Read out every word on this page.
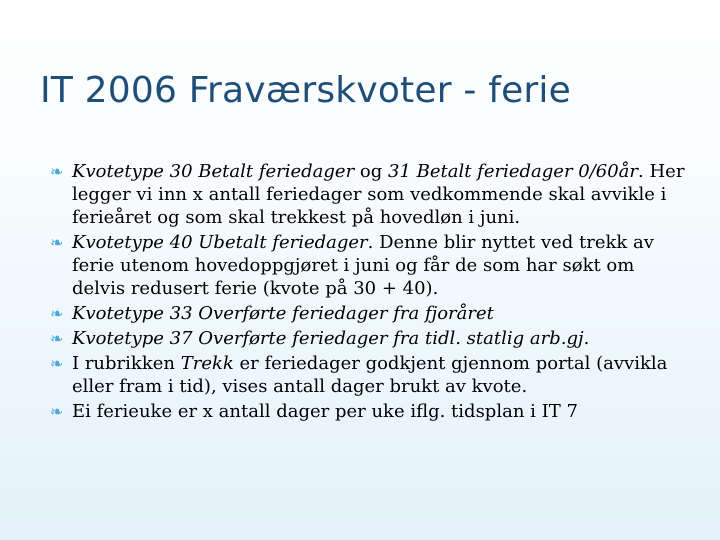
IT 2006 Fraværskvoter - ferie
❧ Kvotetype 30 Betalt feriedager og 31 Betalt feriedager 0/60år. Her legger vi inn x antall feriedager som vedkommende skal avvikle i ferieåret og som skal trekkest på hovedløn i juni.
❧ Kvotetype 40 Ubetalt feriedager. Denne blir nyttet ved trekk av ferie utenom hovedoppgjøret i juni og får de som har søkt om delvis redusert ferie (kvote på 30 + 40).
❧ Kvotetype 33 Overførte feriedager fra fjoråret
❧ Kvotetype 37 Overførte feriedager fra tidl. statlig arb.gj.
❧ I rubrikken Trekk er feriedager godkjent gjennom portal (avvikla eller fram i tid), vises antall dager brukt av kvote.
❧ Ei ferieuke er x antall dager per uke iflg. tidsplan i IT 7
